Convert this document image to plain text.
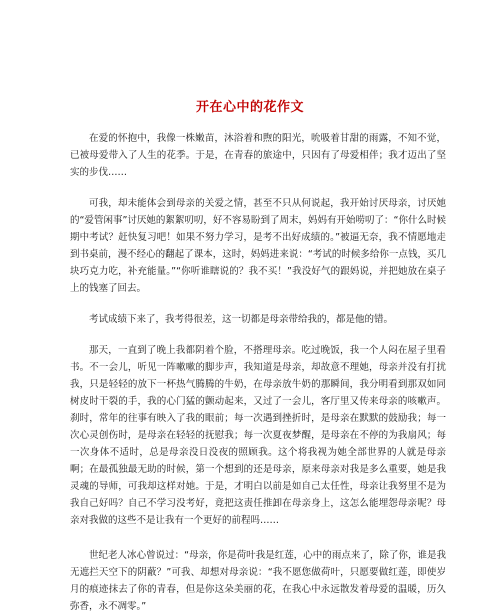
开在心中的花作文

在爱的怀抱中，我像一株嫩苗，沐浴着和煦的阳光，吮吸着甘甜的雨露，不知不觉，已被母爱带入了人生的花季。于是，在青春的旅途中，只因有了母爱相伴；我才迈出了坚实的步伐……

可我，却未能体会到母亲的关爱之情，甚至不只从何说起，我开始讨厌母亲，讨厌她的“爱管闲事”讨厌她的絮絮叨叨，好不容易盼到了周末，妈妈有开始唠叨了：“你什么时候期中考试？赶快复习吧！如果不努力学习，是考不出好成绩的。”被逼无奈，我不情愿地走到书桌前，漫不经心的翻起了课本，这时，妈妈进来说：“考试的时候多给你一点钱，买几块巧克力吃，补充能量。”“你听谁瞎说的？我不买！”我没好气的跟妈说，并把她放在桌子上的钱塞了回去。

考试成绩下来了，我考得很差，这一切都是母亲带给我的，都是他的错。

那天，一直到了晚上我都阴着个脸，不搭理母亲。吃过晚饭，我一个人闷在屋子里看书。不一会儿，听见一阵嗽嗽的脚步声，我知道是母亲，却故意不理她，母亲并没有打扰我，只是轻轻的放下一杯热气腾腾的牛奶，在母亲放牛奶的那瞬间，我分明看到那双如同树皮时干裂的手，我的心门猛的颤动起来，又过了一会儿，客厅里又传来母亲的咳嗽声。刹时，常年的往事有映入了我的眼前；每一次遇到挫折时，是母亲在默默的鼓励我；每一次心灵创伤时，是母亲在轻轻的抚慰我；每一次夏夜梦醒，是母亲在不停的为我扇风；每一次身体不适时，总是母亲没日没夜的照顾我。这个将我视为她全部世界的人就是母亲啊；在最孤独最无助的时候，第一个想到的还是母亲，原来母亲对我是多么重要，她是我灵魂的导师，可我却这样对她。于是，才明白以前是如自己太任性，母亲让我努里不是为我自己好吗？自己不学习没考好，竟把这责任推卸在母亲身上，这怎么能埋怨母亲呢？母亲对我做的这些不是让我有一个更好的前程吗……

世纪老人冰心曾说过：“母亲，你是荷叶我是红莲，心中的雨点来了，除了你，谁是我无遮拦天空下的阴蔽？”可我、却想对母亲说：“我不愿您做荷叶，只愿要做红莲，即使岁月的痕迹抹去了你的青春，但是你这朵美丽的花，在我心中永远散发着母爱的温暖，历久弥香，永不凋零。”
